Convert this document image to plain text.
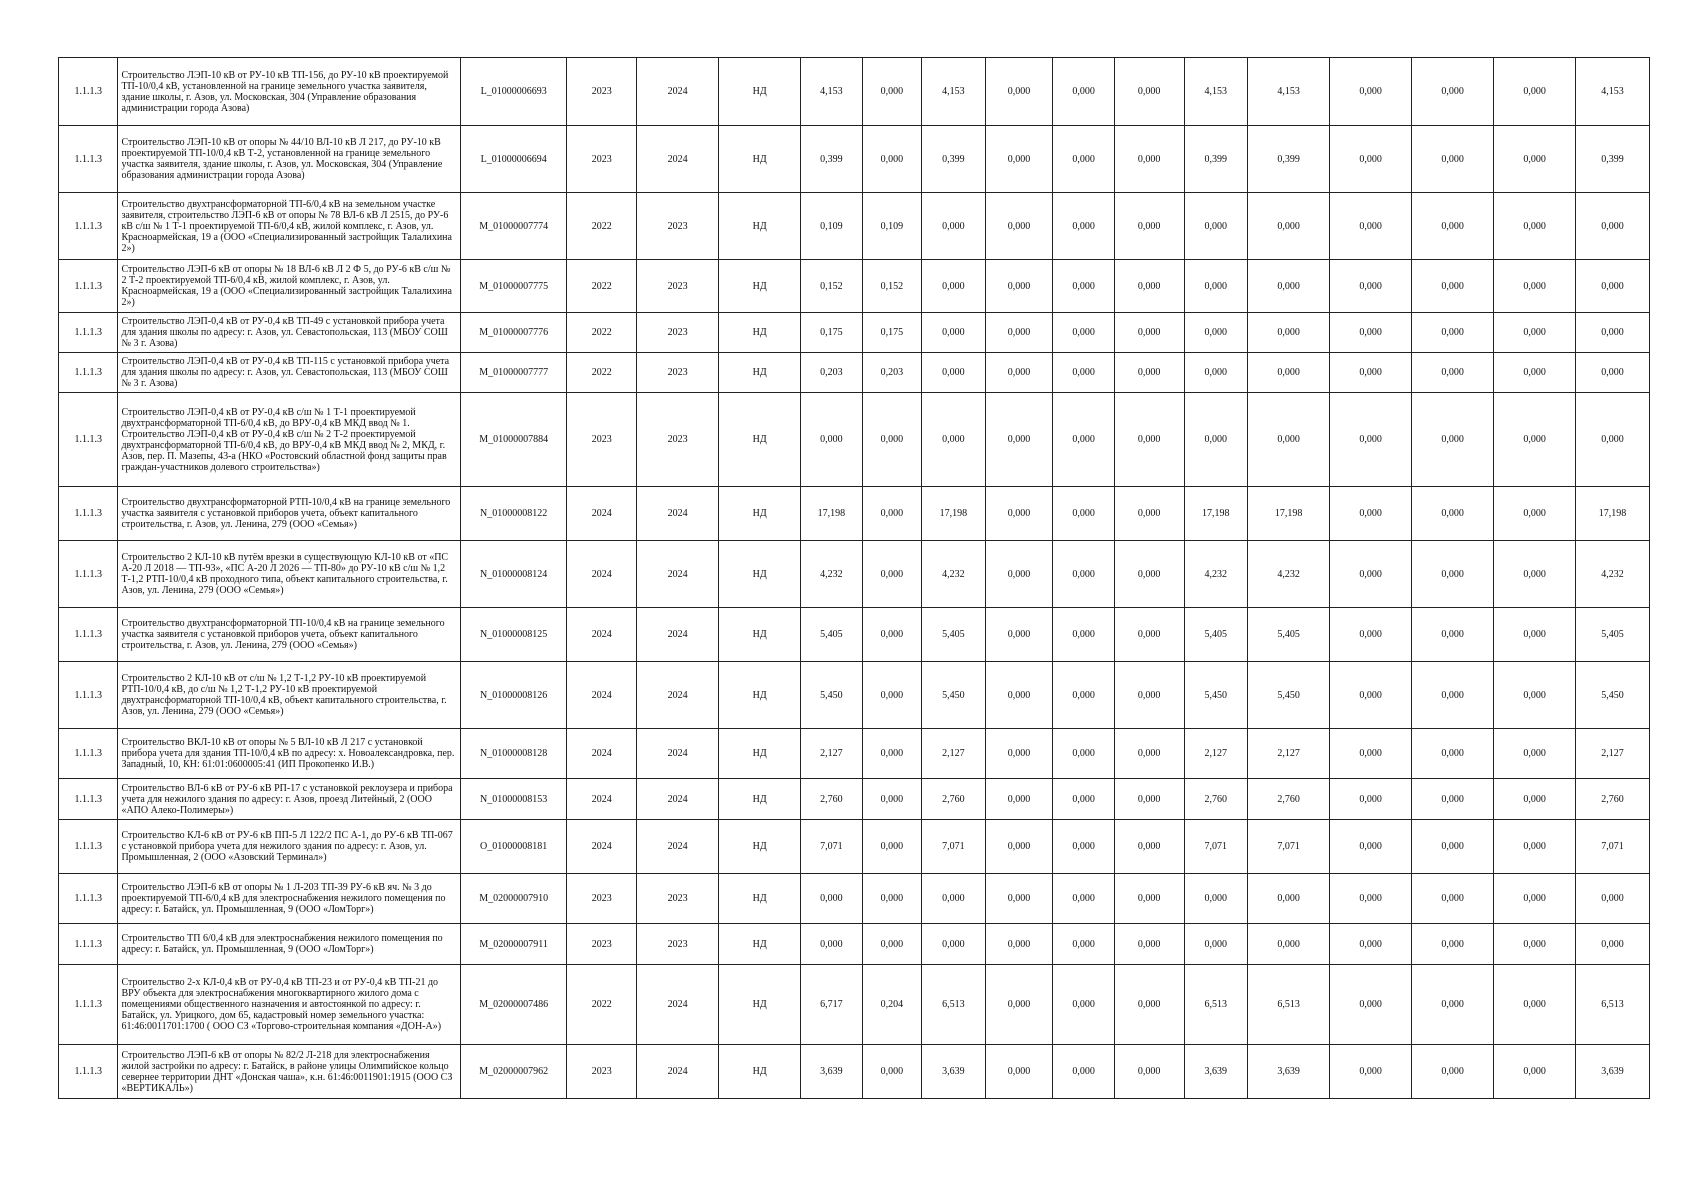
1.1.1.3	Строительство ЛЭП-10 кВ от РУ-10 кВ ТП-156, до РУ-10 кВ проектируемой ТП-10/0,4 кВ, установленной на границе земельного участка заявителя, здание школы, г. Азов, ул. Московская, 304 (Управление образования администрации города Азова)	L_01000006693	2023	2024	НД	4,153	0,000	4,153	0,000	0,000	0,000	4,153	4,153	0,000	0,000	0,000	4,153
1.1.1.3	Строительство ЛЭП-10 кВ от опоры № 44/10 ВЛ-10 кВ Л 217, до РУ-10 кВ проектируемой ТП-10/0,4 кВ Т-2, установленной на границе земельного участка заявителя, здание школы, г. Азов, ул. Московская, 304 (Управление образования администрации города Азова)	L_01000006694	2023	2024	НД	0,399	0,000	0,399	0,000	0,000	0,000	0,399	0,399	0,000	0,000	0,000	0,399
1.1.1.3	Строительство двухтрансформаторной ТП-6/0,4 кВ на земельном участке заявителя, строительство ЛЭП-6 кВ от опоры № 78 ВЛ-6 кВ Л 2515, до РУ-6 кВ с/ш № 1 Т-1 проектируемой ТП-6/0,4 кВ, жилой комплекс, г. Азов, ул. Красноармейская, 19 а (ООО «Специализированный застройщик Талалихина 2»)	M_01000007774	2022	2023	НД	0,109	0,109	0,000	0,000	0,000	0,000	0,000	0,000	0,000	0,000	0,000	0,000
1.1.1.3	Строительство ЛЭП-6 кВ от опоры № 18 ВЛ-6 кВ Л 2 Ф 5, до РУ-6 кВ с/ш № 2 Т-2 проектируемой ТП-6/0,4 кВ, жилой комплекс, г. Азов, ул. Красноармейская, 19 а (ООО «Специализированный застройщик Талалихина 2»)	M_01000007775	2022	2023	НД	0,152	0,152	0,000	0,000	0,000	0,000	0,000	0,000	0,000	0,000	0,000	0,000
1.1.1.3	Строительство ЛЭП-0,4 кВ от РУ-0,4 кВ ТП-49 с установкой прибора учета для здания школы по адресу: г. Азов, ул. Севастопольская, 113 (МБОУ СОШ № 3 г. Азова)	M_01000007776	2022	2023	НД	0,175	0,175	0,000	0,000	0,000	0,000	0,000	0,000	0,000	0,000	0,000	0,000
1.1.1.3	Строительство ЛЭП-0,4 кВ от РУ-0,4 кВ ТП-115 с установкой прибора учета для здания школы по адресу: г. Азов, ул. Севастопольская, 113 (МБОУ СОШ № 3 г. Азова)	M_01000007777	2022	2023	НД	0,203	0,203	0,000	0,000	0,000	0,000	0,000	0,000	0,000	0,000	0,000	0,000
1.1.1.3	Строительство ЛЭП-0,4 кВ от РУ-0,4 кВ с/ш № 1 Т-1 проектируемой двухтрансформаторной ТП-6/0,4 кВ, до ВРУ-0,4 кВ МКД ввод № 1. Строительство ЛЭП-0,4 кВ от РУ-0,4 кВ с/ш № 2 Т-2 проектируемой двухтрансформаторной ТП-6/0,4 кВ, до ВРУ-0,4 кВ МКД ввод № 2, МКД, г. Азов, пер. П. Мазепы, 43-а (НКО «Ростовский областной фонд защиты прав граждан-участников долевого строительства»)	M_01000007884	2023	2023	НД	0,000	0,000	0,000	0,000	0,000	0,000	0,000	0,000	0,000	0,000	0,000	0,000
1.1.1.3	Строительство двухтрансформаторной РТП-10/0,4 кВ на границе земельного участка заявителя с установкой приборов учета, объект капитального строительства, г. Азов, ул. Ленина, 279 (ООО «Семья»)	N_01000008122	2024	2024	НД	17,198	0,000	17,198	0,000	0,000	0,000	17,198	17,198	0,000	0,000	0,000	17,198
1.1.1.3	Строительство 2 КЛ-10 кВ путём врезки в существующую КЛ-10 кВ от «ПС А-20 Л 2018 — ТП-93», «ПС А-20 Л 2026 — ТП-80» до РУ-10 кВ с/ш № 1,2 Т-1,2 РТП-10/0,4 кВ проходного типа, объект капитального строительства, г. Азов, ул. Ленина, 279 (ООО «Семья»)	N_01000008124	2024	2024	НД	4,232	0,000	4,232	0,000	0,000	0,000	4,232	4,232	0,000	0,000	0,000	4,232
1.1.1.3	Строительство двухтрансформаторной ТП-10/0,4 кВ на границе земельного участка заявителя с установкой приборов учета, объект капитального строительства, г. Азов, ул. Ленина, 279 (ООО «Семья»)	N_01000008125	2024	2024	НД	5,405	0,000	5,405	0,000	0,000	0,000	5,405	5,405	0,000	0,000	0,000	5,405
1.1.1.3	Строительство 2 КЛ-10 кВ от с/ш № 1,2 Т-1,2 РУ-10 кВ проектируемой РТП-10/0,4 кВ, до с/ш № 1,2 Т-1,2 РУ-10 кВ проектируемой двухтрансформаторной ТП-10/0,4 кВ, объект капитального строительства, г. Азов, ул. Ленина, 279 (ООО «Семья»)	N_01000008126	2024	2024	НД	5,450	0,000	5,450	0,000	0,000	0,000	5,450	5,450	0,000	0,000	0,000	5,450
1.1.1.3	Строительство ВКЛ-10 кВ от опоры № 5 ВЛ-10 кВ Л 217 с установкой прибора учета для здания ТП-10/0,4 кВ по адресу: х. Новоалександровка, пер. Западный, 10, КН: 61:01:0600005:41 (ИП Прокопенко И.В.)	N_01000008128	2024	2024	НД	2,127	0,000	2,127	0,000	0,000	0,000	2,127	2,127	0,000	0,000	0,000	2,127
1.1.1.3	Строительство ВЛ-6 кВ от РУ-6 кВ РП-17 с установкой реклоузера и прибора учета для нежилого здания по адресу: г. Азов, проезд Литейный, 2 (ООО «АПО Алеко-Полимеры»)	N_01000008153	2024	2024	НД	2,760	0,000	2,760	0,000	0,000	0,000	2,760	2,760	0,000	0,000	0,000	2,760
1.1.1.3	Строительство КЛ-6 кВ от РУ-6 кВ ПП-5 Л 122/2 ПС А-1, до РУ-6 кВ ТП-067 с установкой прибора учета для нежилого здания по адресу: г. Азов, ул. Промышленная, 2 (ООО «Азовский Терминал»)	O_01000008181	2024	2024	НД	7,071	0,000	7,071	0,000	0,000	0,000	7,071	7,071	0,000	0,000	0,000	7,071
1.1.1.3	Строительство ЛЭП-6 кВ от опоры № 1 Л-203 ТП-39 РУ-6 кВ яч. № 3 до проектируемой ТП-6/0,4 кВ для электроснабжения нежилого помещения по адресу: г. Батайск, ул. Промышленная, 9 (ООО «ЛомТорг»)	M_02000007910	2023	2023	НД	0,000	0,000	0,000	0,000	0,000	0,000	0,000	0,000	0,000	0,000	0,000	0,000
1.1.1.3	Строительство ТП 6/0,4 кВ для электроснабжения нежилого помещения по адресу: г. Батайск, ул. Промышленная, 9 (ООО «ЛомТорг»)	M_02000007911	2023	2023	НД	0,000	0,000	0,000	0,000	0,000	0,000	0,000	0,000	0,000	0,000	0,000	0,000
1.1.1.3	Строительство 2-х КЛ-0,4 кВ от РУ-0,4 кВ ТП-23 и от РУ-0,4 кВ ТП-21 до ВРУ объекта для электроснабжения многоквартирного жилого дома с помещениями общественного назначения и автостоянкой по адресу: г. Батайск, ул. Урицкого, дом 65, кадастровый номер земельного участка: 61:46:0011701:1700 ( ООО СЗ «Торгово-строительная компания «ДОН-А»)	M_02000007486	2022	2024	НД	6,717	0,204	6,513	0,000	0,000	0,000	6,513	6,513	0,000	0,000	0,000	6,513
1.1.1.3	Строительство ЛЭП-6 кВ от опоры № 82/2 Л-218 для электроснабжения жилой застройки по адресу: г. Батайск, в районе улицы Олимпийское кольцо севернее территории ДНТ «Донская чаша», к.н. 61:46:0011901:1915 (ООО СЗ «ВЕРТИКАЛЬ»)	M_02000007962	2023	2024	НД	3,639	0,000	3,639	0,000	0,000	0,000	3,639	3,639	0,000	0,000	0,000	3,639
